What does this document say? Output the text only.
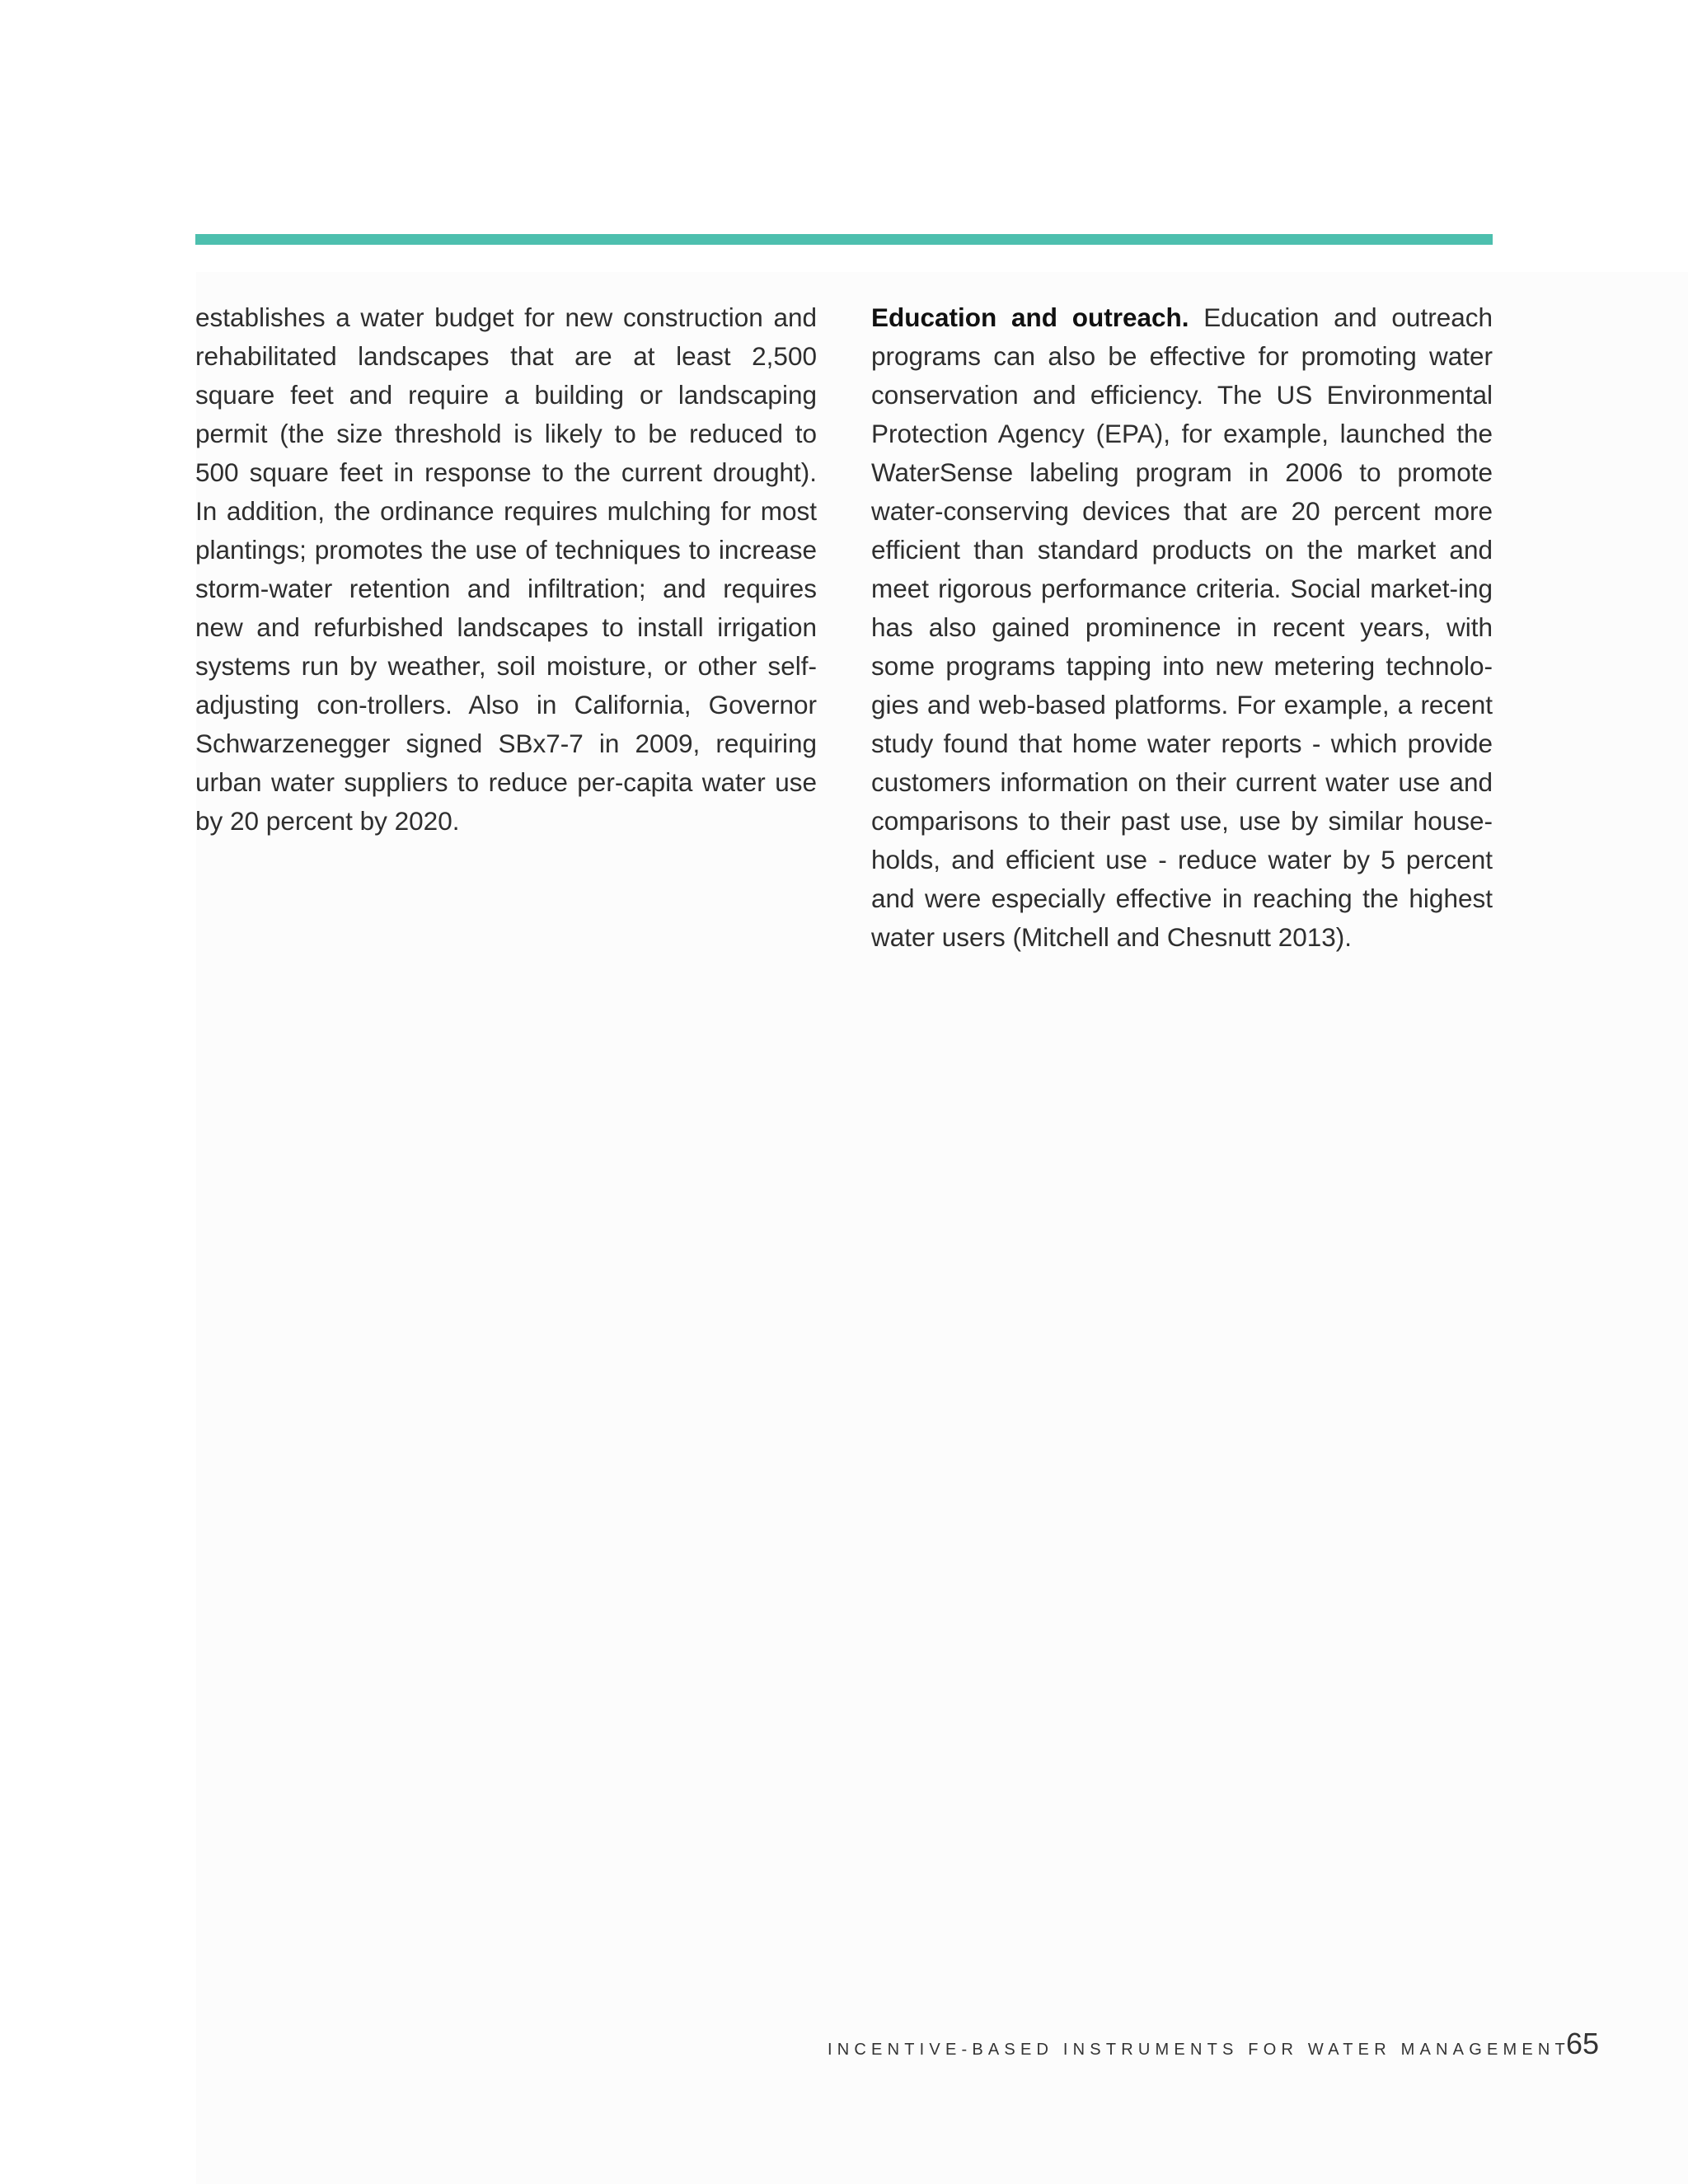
establishes a water budget for new construction and rehabilitated landscapes that are at least 2,500 square feet and require a building or landscaping permit (the size threshold is likely to be reduced to 500 square feet in response to the current drought). In addition, the ordinance requires mulching for most plantings; promotes the use of techniques to increase storm-water retention and infiltration; and requires new and refurbished landscapes to install irrigation systems run by weather, soil moisture, or other self-adjusting con-trollers. Also in California, Governor Schwarzenegger signed SBx7-7 in 2009, requiring urban water suppliers to reduce per-capita water use by 20 percent by 2020.

Education and outreach. Education and outreach programs can also be effective for promoting water conservation and efficiency. The US Environmental Protection Agency (EPA), for example, launched the WaterSense labeling program in 2006 to promote water-conserving devices that are 20 percent more efficient than standard products on the market and meet rigorous performance criteria. Social market-ing has also gained prominence in recent years, with some programs tapping into new metering technolo-gies and web-based platforms. For example, a recent study found that home water reports - which provide customers information on their current water use and comparisons to their past use, use by similar house-holds, and efficient use - reduce water by 5 percent and were especially effective in reaching the highest water users (Mitchell and Chesnutt 2013).

INCENTIVE-BASED INSTRUMENTS FOR WATER MANAGEMENT
65
